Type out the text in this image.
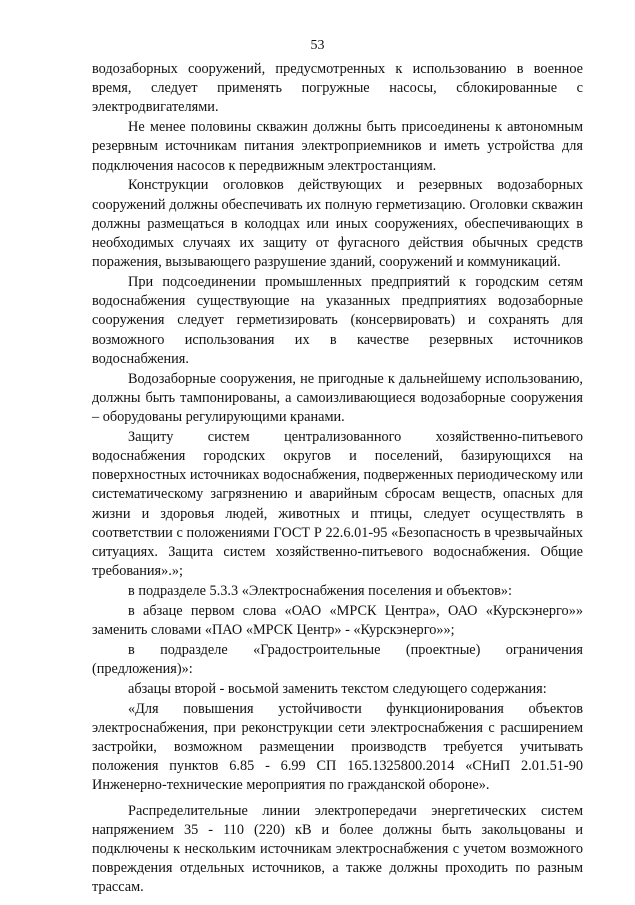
53

водозаборных сооружений, предусмотренных к использованию в военное время, следует применять погружные насосы, сблокированные с электродвигателями.

Не менее половины скважин должны быть присоединены к автономным резервным источникам питания электроприемников и иметь устройства для подключения насосов к передвижным электростанциям.

Конструкции оголовков действующих и резервных водозаборных сооружений должны обеспечивать их полную герметизацию. Оголовки скважин должны размещаться в колодцах или иных сооружениях, обеспечивающих в необходимых случаях их защиту от фугасного действия обычных средств поражения, вызывающего разрушение зданий, сооружений и коммуникаций.

При подсоединении промышленных предприятий к городским сетям водоснабжения существующие на указанных предприятиях водозаборные сооружения следует герметизировать (консервировать) и сохранять для возможного использования их в качестве резервных источников водоснабжения.

Водозаборные сооружения, не пригодные к дальнейшему использованию, должны быть тампонированы, а самоизливающиеся водозаборные сооружения – оборудованы регулирующими кранами.

Защиту систем централизованного хозяйственно-питьевого водоснабжения городских округов и поселений, базирующихся на поверхностных источниках водоснабжения, подверженных периодическому или систематическому загрязнению и аварийным сбросам веществ, опасных для жизни и здоровья людей, животных и птицы, следует осуществлять в соответствии с положениями ГОСТ Р 22.6.01-95 «Безопасность в чрезвычайных ситуациях. Защита систем хозяйственно-питьевого водоснабжения. Общие требования».»;

в подразделе 5.3.3 «Электроснабжения поселения и объектов»:

в абзаце первом слова «ОАО «МРСК Центра», ОАО «Курскэнерго»» заменить словами «ПАО «МРСК Центр» - «Курскэнерго»»;

в подразделе «Градостроительные (проектные) ограничения (предложения)»:

абзацы второй - восьмой заменить текстом следующего содержания:

«Для повышения устойчивости функционирования объектов электроснабжения, при реконструкции сети электроснабжения с расширением застройки, возможном размещении производств требуется учитывать положения пунктов 6.85 - 6.99 СП 165.1325800.2014 «СНиП 2.01.51-90 Инженерно-технические мероприятия по гражданской обороне».

Распределительные линии электропередачи энергетических систем напряжением 35 - 110 (220) кВ и более должны быть закольцованы и подключены к нескольким источникам электроснабжения с учетом возможного повреждения отдельных источников, а также должны проходить по разным трассам.
